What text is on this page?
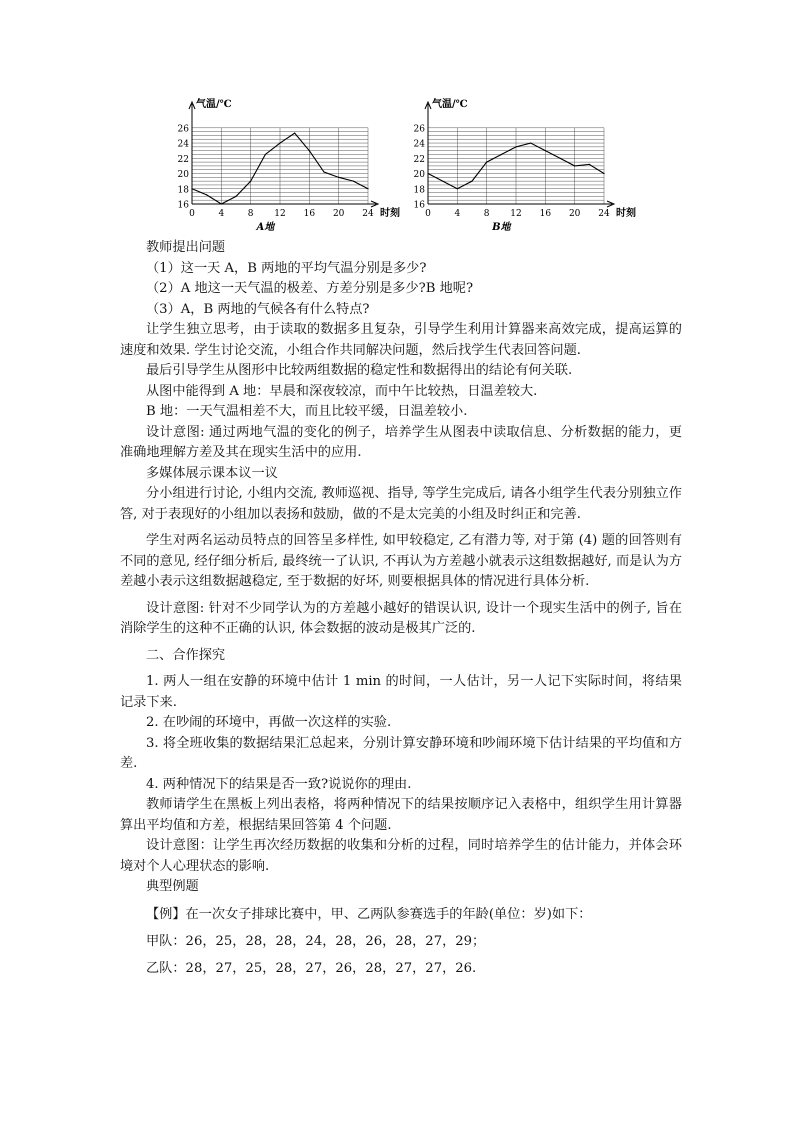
16
18
20
22
24
26
0	4	8 12 16 20 24
气温/℃
时刻
A地
16
18
20
22
24
26
0	4	8 12 16 20 24
气温/℃
时刻
B地

教师提出问题

（1）这一天 A，B 两地的平均气温分别是多少?

（2）A 地这一天气温的极差、方差分别是多少?B 地呢?

（3）A，B 两地的气候各有什么特点?

让学生独立思考，由于读取的数据多且复杂，引导学生利用计算器来高效完成，提高运算的速度和效果. 学生讨论交流，小组合作共同解决问题，然后找学生代表回答问题.

最后引导学生从图形中比较两组数据的稳定性和数据得出的结论有何关联.

从图中能得到 A 地：早晨和深夜较凉，而中午比较热，日温差较大.

B 地：一天气温相差不大，而且比较平缓，日温差较小.

设计意图: 通过两地气温的变化的例子，培养学生从图表中读取信息、分析数据的能力，更准确地理解方差及其在现实生活中的应用.

多媒体展示课本议一议

分小组进行讨论, 小组内交流, 教师巡视、指导, 等学生完成后, 请各小组学生代表分别独立作答, 对于表现好的小组加以表扬和鼓励，做的不是太完美的小组及时纠正和完善.

学生对两名运动员特点的回答呈多样性, 如甲较稳定, 乙有潜力等, 对于第 (4) 题的回答则有不同的意见, 经仔细分析后, 最终统一了认识, 不再认为方差越小就表示这组数据越好, 而是认为方差越小表示这组数据越稳定, 至于数据的好坏, 则要根据具体的情况进行具体分析.

设计意图: 针对不少同学认为的方差越小越好的错误认识, 设计一个现实生活中的例子, 旨在消除学生的这种不正确的认识, 体会数据的波动是极其广泛的.

二、合作探究

1. 两人一组在安静的环境中估计 1 min 的时间，一人估计，另一人记下实际时间，将结果记录下来.

2. 在吵闹的环境中，再做一次这样的实验.

3. 将全班收集的数据结果汇总起来，分别计算安静环境和吵闹环境下估计结果的平均值和方差.

4. 两种情况下的结果是否一致?说说你的理由.

教师请学生在黑板上列出表格，将两种情况下的结果按顺序记入表格中，组织学生用计算器算出平均值和方差，根据结果回答第 4 个问题.

设计意图：让学生再次经历数据的收集和分析的过程，同时培养学生的估计能力，并体会环境对个人心理状态的影响.

典型例题

【例】在一次女子排球比赛中，甲、乙两队参赛选手的年龄(单位：岁)如下：

甲队：26，25，28，28，24，28，26，28，27，29；

乙队：28，27，25，28，27，26，28，27，27，26.
